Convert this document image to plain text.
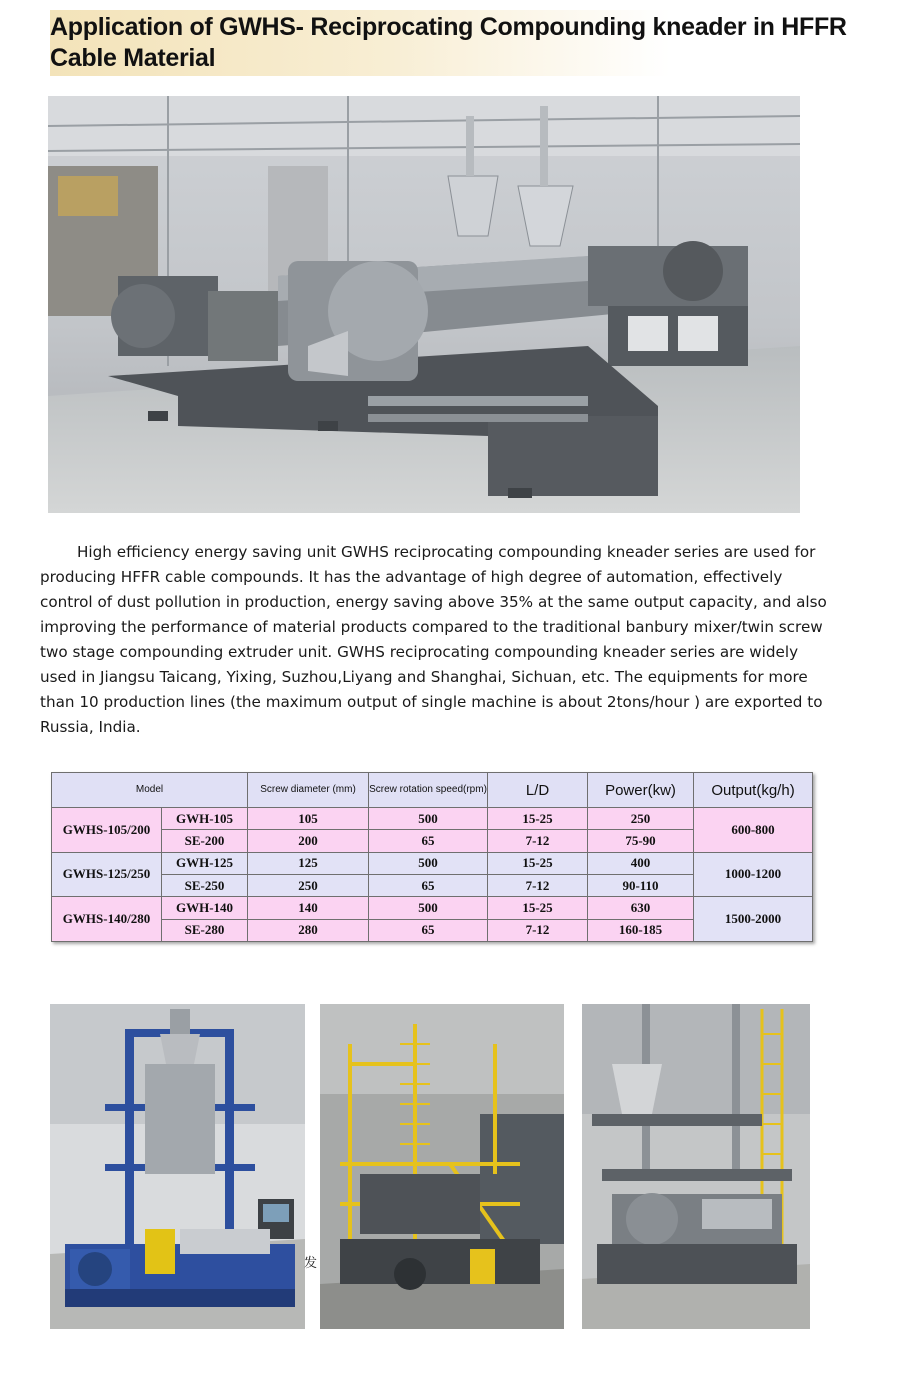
Application of GWHS- Reciprocating Compounding kneader in HFFR Cable Material

High efficiency energy saving unit GWHS reciprocating compounding kneader series are used for producing HFFR cable compounds. It has the advantage of high degree of automation, effectively control of dust pollution in production, energy saving above 35% at the same output capacity, and also improving the performance of material products compared to the traditional banbury mixer/twin screw two stage compounding extruder unit. GWHS reciprocating compounding kneader series are widely used in Jiangsu Taicang, Yixing, Suzhou,Liyang and Shanghai, Sichuan, etc. The equipments for more than 10 production lines (the maximum output of single machine is about 2tons/hour ) are exported to Russia, India.

Model		Screw diameter (mm)	Screw rotation speed(rpm)	L/D	Power(kw)	Output(kg/h)
GWHS-105/200	GWH-105	105	500	15-25	250	600-800
	SE-200	200	65	7-12	75-90	
GWHS-125/250	GWH-125	125	500	15-25	400	1000-1200
	SE-250	250	65	7-12	90-110	
GWHS-140/280	GWH-140	140	500	15-25	630	1500-2000
	SE-280	280	65	7-12	160-185	
发
